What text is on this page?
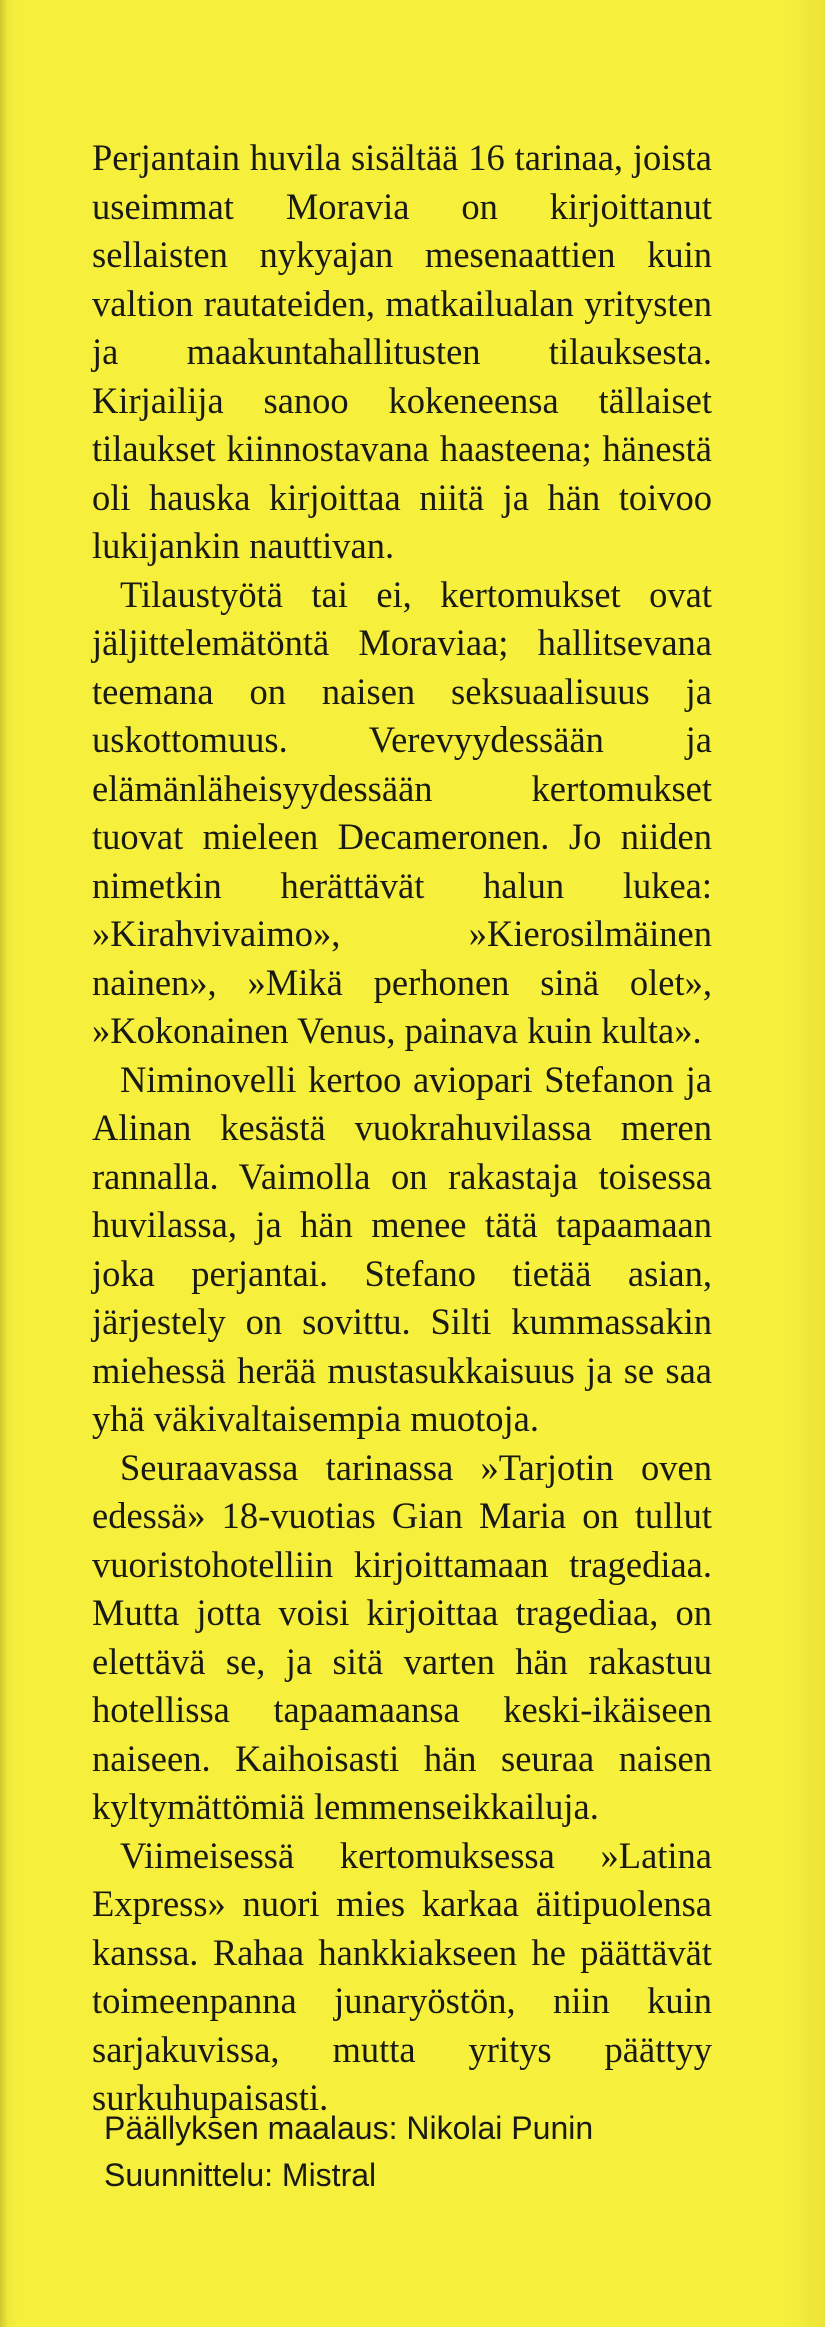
Perjantain huvila sisältää 16 tarinaa, joista useimmat Moravia on kirjoittanut sellaisten nykyajan mesenaattien kuin valtion rautateiden, matkailualan yritysten ja maakuntahallitusten tilauksesta. Kirjailija sanoo kokeneensa tällaiset tilaukset kiinnostavana haasteena; hänestä oli hauska kirjoittaa niitä ja hän toivoo lukijankin nauttivan.

Tilaustyötä tai ei, kertomukset ovat jäljittelemätöntä Moraviaa; hallitsevana teemana on naisen seksuaalisuus ja uskottomuus. Verevyydessään ja elämänläheisyydessään kertomukset tuovat mieleen Decameronen. Jo niiden nimetkin herättävät halun lukea: »Kirahvivaimo», »Kierosilmäinen nainen», »Mikä perhonen sinä olet», »Kokonainen Venus, painava kuin kulta».

Niminovelli kertoo aviopari Stefanon ja Alinan kesästä vuokrahuvilassa meren rannalla. Vaimolla on rakastaja toisessa huvilassa, ja hän menee tätä tapaamaan joka perjantai. Stefano tietää asian, järjestely on sovittu. Silti kummassakin miehessä herää mustasukkaisuus ja se saa yhä väkivaltaisempia muotoja.

Seuraavassa tarinassa »Tarjotin oven edessä» 18-vuotias Gian Maria on tullut vuoristohotelliin kirjoittamaan tragediaa. Mutta jotta voisi kirjoittaa tragediaa, on elettävä se, ja sitä varten hän rakastuu hotellissa tapaamaansa keski-ikäiseen naiseen. Kaihoisasti hän seuraa naisen kyltymättömiä lemmenseikkailuja.

Viimeisessä kertomuksessa »Latina Express» nuori mies karkaa äitipuolensa kanssa. Rahaa hankkiakseen he päättävät toimeenpanna junaryöstön, niin kuin sarjakuvissa, mutta yritys päättyy surkuhupaisasti.

Päällyksen maalaus: Nikolai Punin
Suunnittelu: Mistral
